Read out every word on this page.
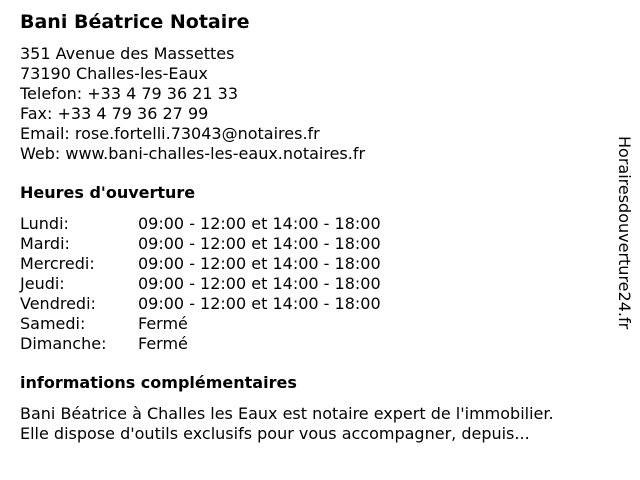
Bani Béatrice Notaire
351 Avenue des Massettes
73190 Challes-les-Eaux
Telefon: +33 4 79 36 21 33
Fax: +33 4 79 36 27 99
Email: rose.fortelli.73043@notaires.fr
Web: www.bani-challes-les-eaux.notaires.fr
Heures d'ouverture
Lundi:	09:00 - 12:00 et 14:00 - 18:00
Mardi:	09:00 - 12:00 et 14:00 - 18:00
Mercredi:	09:00 - 12:00 et 14:00 - 18:00
Jeudi:	09:00 - 12:00 et 14:00 - 18:00
Vendredi:	09:00 - 12:00 et 14:00 - 18:00
Samedi:	Fermé
Dimanche:	Fermé
informations complémentaires
Bani Béatrice à Challes les Eaux est notaire expert de l'immobilier.
Elle dispose d'outils exclusifs pour vous accompagner, depuis...
Horairesdouverture24.fr
